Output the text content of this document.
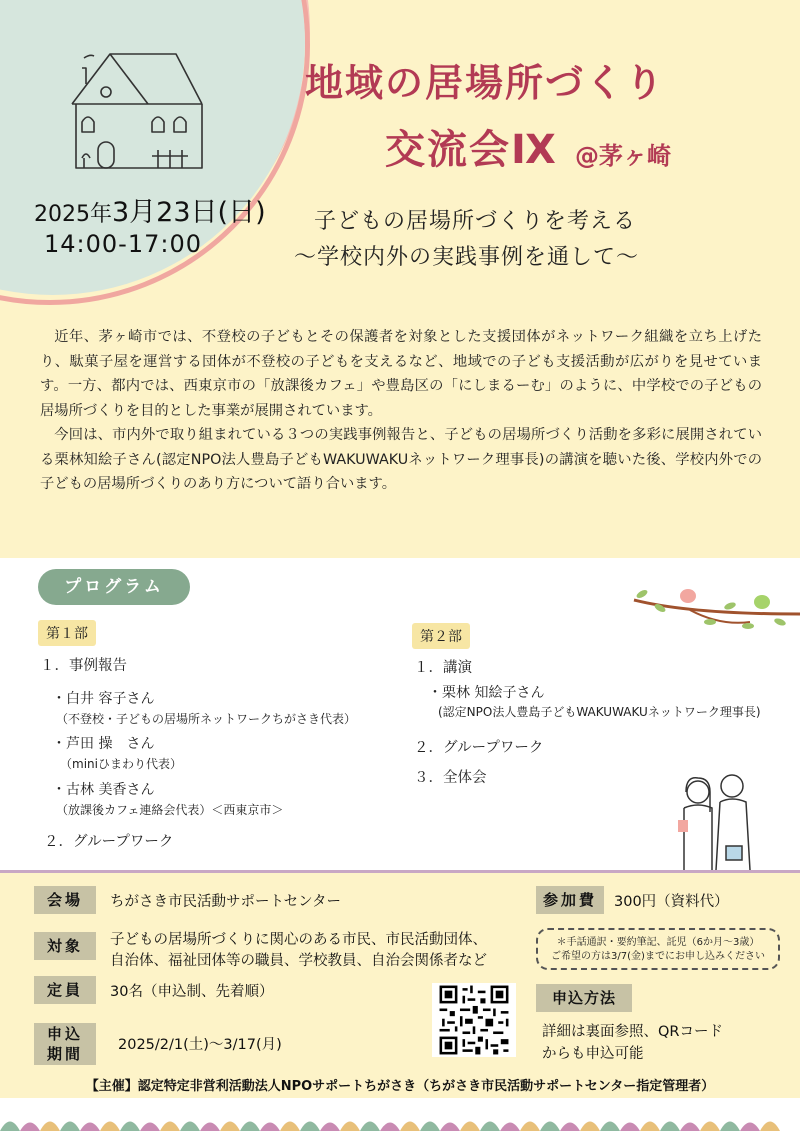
地域の居場所づくり
交流会Ⅸ @茅ヶ崎
2025年3月23日(日)
14:00-17:00
子どもの居場所づくりを考える
～学校内外の実践事例を通して～

近年、茅ヶ崎市では、不登校の子どもとその保護者を対象とした支援団体がネットワーク組織を立ち上げたり、駄菓子屋を運営する団体が不登校の子どもを支えるなど、地域での子ども支援活動が広がりを見せています。一方、都内では、西東京市の「放課後カフェ」や豊島区の「にしまるーむ」のように、中学校での子どもの居場所づくりを目的とした事業が展開されています。

今回は、市内外で取り組まれている３つの実践事例報告と、子どもの居場所づくり活動を多彩に展開されている栗林知絵子さん(認定NPO法人豊島子どもWAKUWAKUネットワーク理事長)の講演を聴いた後、学校内外での子どもの居場所づくりのあり方について語り合います。

プログラム
第１部
１．事例報告
・白井 容子さん
（不登校・子どもの居場所ネットワークちがさき代表）
・芦田 操　さん
（miniひまわり代表）
・古林 美香さん
（放課後カフェ連絡会代表）＜西東京市＞
２．グループワーク
第２部
１．講演
・栗林 知絵子さん
(認定NPO法人豊島子どもWAKUWAKUネットワーク理事長)
２．グループワーク
３．全体会
会場	ちがさき市民活動サポートセンター
対象	子どもの居場所づくりに関心のある市民、市民活動団体、
自治体、福祉団体等の職員、学校教員、自治会関係者など
定員	30名（申込制、先着順）
申込
期間	2025/2/1(土)～3/17(月)
参加費	300円（資料代）
＊手話通訳・要約筆記、託児（6か月～3歳）
ご希望の方は3/7(金)までにお申し込みください
申込方法
詳細は裏面参照、QRコード
からも申込可能
【主催】認定特定非営利活動法人NPOサポートちがさき（ちがさき市民活動サポートセンター指定管理者）
